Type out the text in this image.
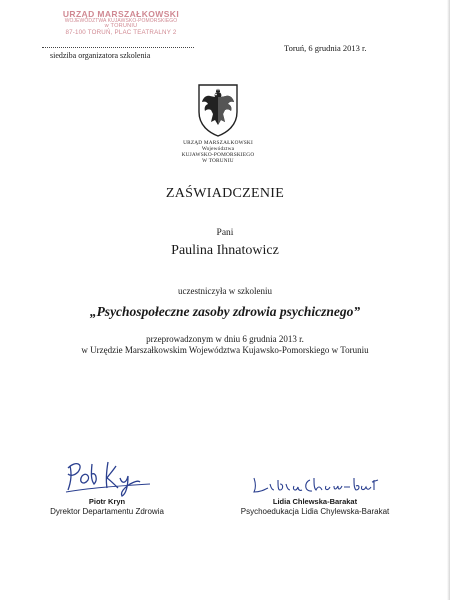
URZĄD MARSZAŁKOWSKI
WOJEWÓDZTWA KUJAWSKO-POMORSKIEGO
w TORUNIU
87-100 TORUŃ, PLAC TEATRALNY 2
siedziba organizatora szkolenia
Toruń, 6 grudnia 2013 r.
URZĄD MARSZAŁKOWSKI
Województwa
KUJAWSKO-POMORSKIEGO
W TORUNIU
ZAŚWIADCZENIE
Pani
Paulina Ihnatowicz
uczestniczyła w szkoleniu
„Psychospołeczne zasoby zdrowia psychicznego”
przeprowadzonym w dniu 6 grudnia 2013 r.
w Urzędzie Marszałkowskim Województwa Kujawsko-Pomorskiego w Toruniu
Piotr Kryn
Dyrektor Departamentu Zdrowia
Lidia Chlewska-Barakat
Psychoedukacja Lidia Chylewska-Barakat
